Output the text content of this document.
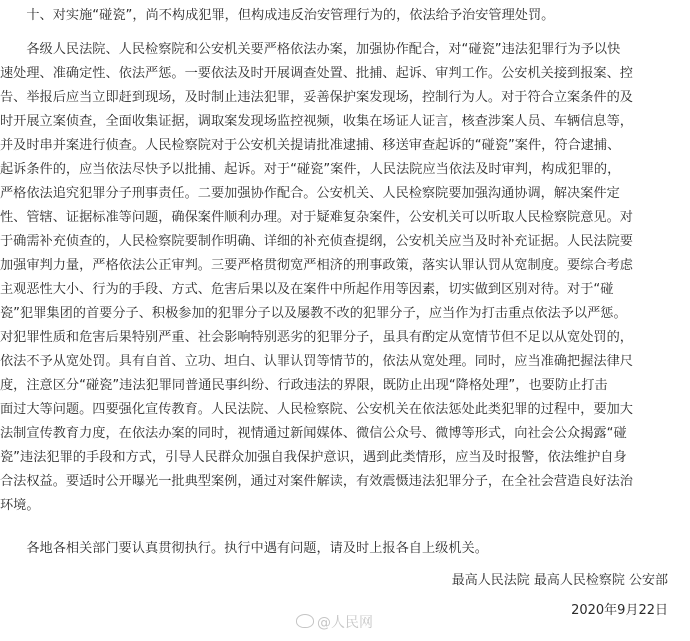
　　十、对实施“碰瓷”，尚不构成犯罪，但构成违反治安管理行为的，依法给予治安管理处罚。

　　各级人民法院、人民检察院和公安机关要严格依法办案，加强协作配合，对“碰瓷”违法犯罪行为予以快
速处理、准确定性、依法严惩。一要依法及时开展调查处置、批捕、起诉、审判工作。公安机关接到报案、控
告、举报后应当立即赶到现场，及时制止违法犯罪，妥善保护案发现场，控制行为人。对于符合立案条件的及
时开展立案侦查，全面收集证据，调取案发现场监控视频，收集在场证人证言，核查涉案人员、车辆信息等，
并及时串并案进行侦查。人民检察院对于公安机关提请批准逮捕、移送审查起诉的“碰瓷”案件，符合逮捕、
起诉条件的，应当依法尽快予以批捕、起诉。对于“碰瓷”案件，人民法院应当依法及时审判，构成犯罪的，
严格依法追究犯罪分子刑事责任。二要加强协作配合。公安机关、人民检察院要加强沟通协调，解决案件定
性、管辖、证据标准等问题，确保案件顺利办理。对于疑难复杂案件，公安机关可以听取人民检察院意见。对
于确需补充侦查的，人民检察院要制作明确、详细的补充侦查提纲，公安机关应当及时补充证据。人民法院要
加强审判力量，严格依法公正审判。三要严格贯彻宽严相济的刑事政策，落实认罪认罚从宽制度。要综合考虑
主观恶性大小、行为的手段、方式、危害后果以及在案件中所起作用等因素，切实做到区别对待。对于“碰
瓷”犯罪集团的首要分子、积极参加的犯罪分子以及屡教不改的犯罪分子，应当作为打击重点依法予以严惩。
对犯罪性质和危害后果特别严重、社会影响特别恶劣的犯罪分子，虽具有酌定从宽情节但不足以从宽处罚的，
依法不予从宽处罚。具有自首、立功、坦白、认罪认罚等情节的，依法从宽处理。同时，应当准确把握法律尺
度，注意区分“碰瓷”违法犯罪同普通民事纠纷、行政违法的界限，既防止出现“降格处理”，也要防止打击
面过大等问题。四要强化宣传教育。人民法院、人民检察院、公安机关在依法惩处此类犯罪的过程中，要加大
法制宣传教育力度，在依法办案的同时，视情通过新闻媒体、微信公众号、微博等形式，向社会公众揭露“碰
瓷”违法犯罪的手段和方式，引导人民群众加强自我保护意识，遇到此类情形，应当及时报警，依法维护自身
合法权益。要适时公开曝光一批典型案例，通过对案件解读，有效震慑违法犯罪分子，在全社会营造良好法治
环境。

　　各地各相关部门要认真贯彻执行。执行中遇有问题，请及时上报各自上级机关。

最高人民法院 最高人民检察院 公安部
2020年9月22日
@人民网
